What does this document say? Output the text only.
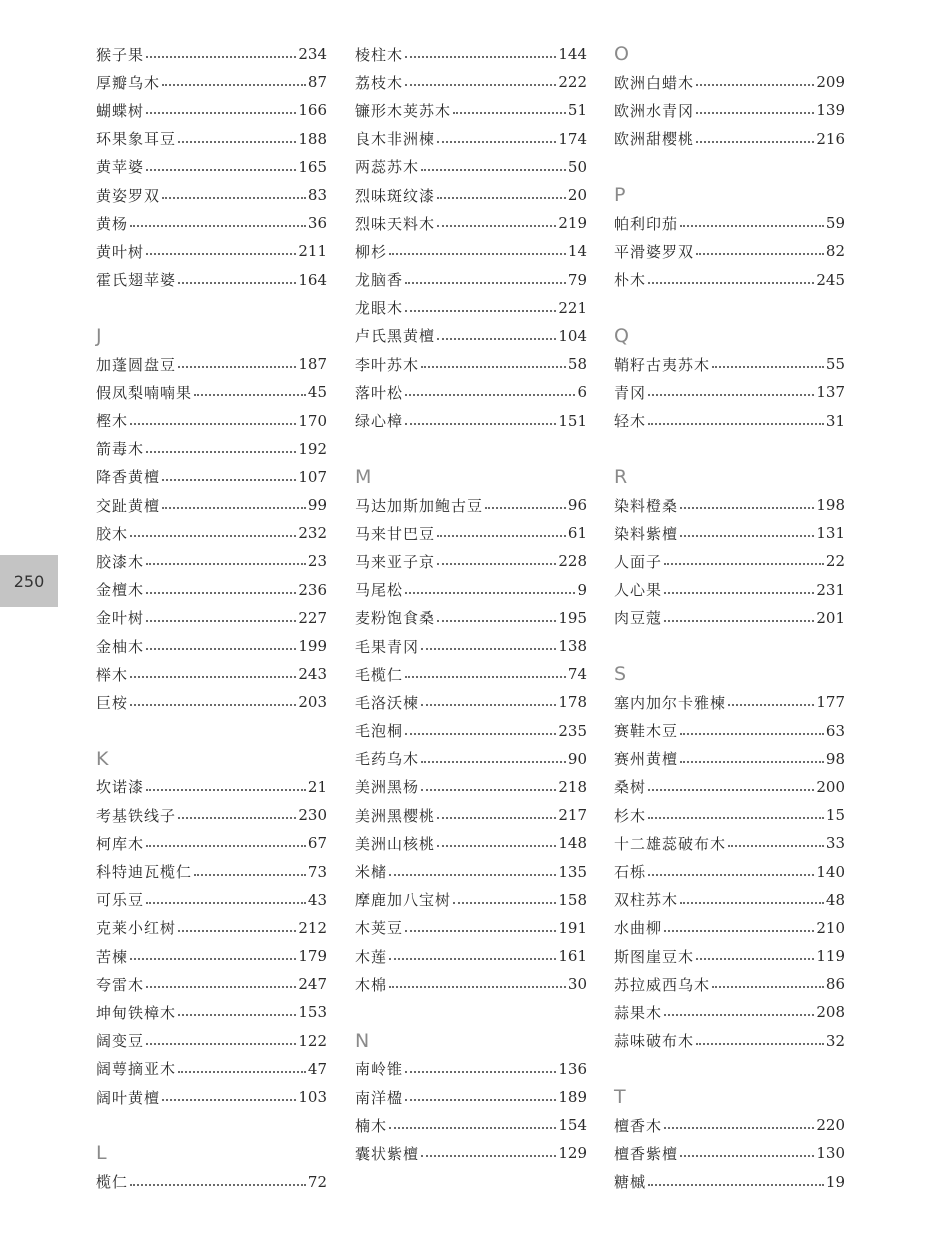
猴子果	234
厚瓣乌木	87
蝴蝶树	166
环果象耳豆	188
黄苹婆	165
黄姿罗双	83
黄杨	36
黄叶树	211
霍氏翅苹婆	164
J
加蓬圆盘豆	187
假凤梨喃喃果	45
樫木	170
箭毒木	192
降香黄檀	107
交趾黄檀	99
胶木	232
胶漆木	23
金檀木	236
金叶树	227
金柚木	199
榉木	243
巨桉	203
K
坎诺漆	21
考基铁线子	230
柯库木	67
科特迪瓦榄仁	73
可乐豆	43
克莱小红树	212
苦楝	179
夸雷木	247
坤甸铁樟木	153
阔变豆	122
阔萼摘亚木	47
阔叶黄檀	103
L
榄仁	72
棱柱木	144
荔枝木	222
镰形木荚苏木	51
良木非洲楝	174
两蕊苏木	50
烈味斑纹漆	20
烈味天料木	219
柳杉	14
龙脑香	79
龙眼木	221
卢氏黑黄檀	104
李叶苏木	58
落叶松	6
绿心樟	151
M
马达加斯加鲍古豆	96
马来甘巴豆	61
马来亚子京	228
马尾松	9
麦粉饱食桑	195
毛果青冈	138
毛榄仁	74
毛洛沃楝	178
毛泡桐	235
毛药乌木	90
美洲黑杨	218
美洲黑樱桃	217
美洲山核桃	148
米槠	135
摩鹿加八宝树	158
木荚豆	191
木莲	161
木棉	30
N
南岭锥	136
南洋楹	189
楠木	154
囊状紫檀	129
O
欧洲白蜡木	209
欧洲水青冈	139
欧洲甜樱桃	216
P
帕利印茄	59
平滑婆罗双	82
朴木	245
Q
鞘籽古夷苏木	55
青冈	137
轻木	31
R
染料橙桑	198
染料紫檀	131
人面子	22
人心果	231
肉豆蔻	201
S
塞内加尔卡雅楝	177
赛鞋木豆	63
赛州黄檀	98
桑树	200
杉木	15
十二雄蕊破布木	33
石栎	140
双柱苏木	48
水曲柳	210
斯图崖豆木	119
苏拉威西乌木	86
蒜果木	208
蒜味破布木	32
T
檀香木	220
檀香紫檀	130
糖槭	19
250
